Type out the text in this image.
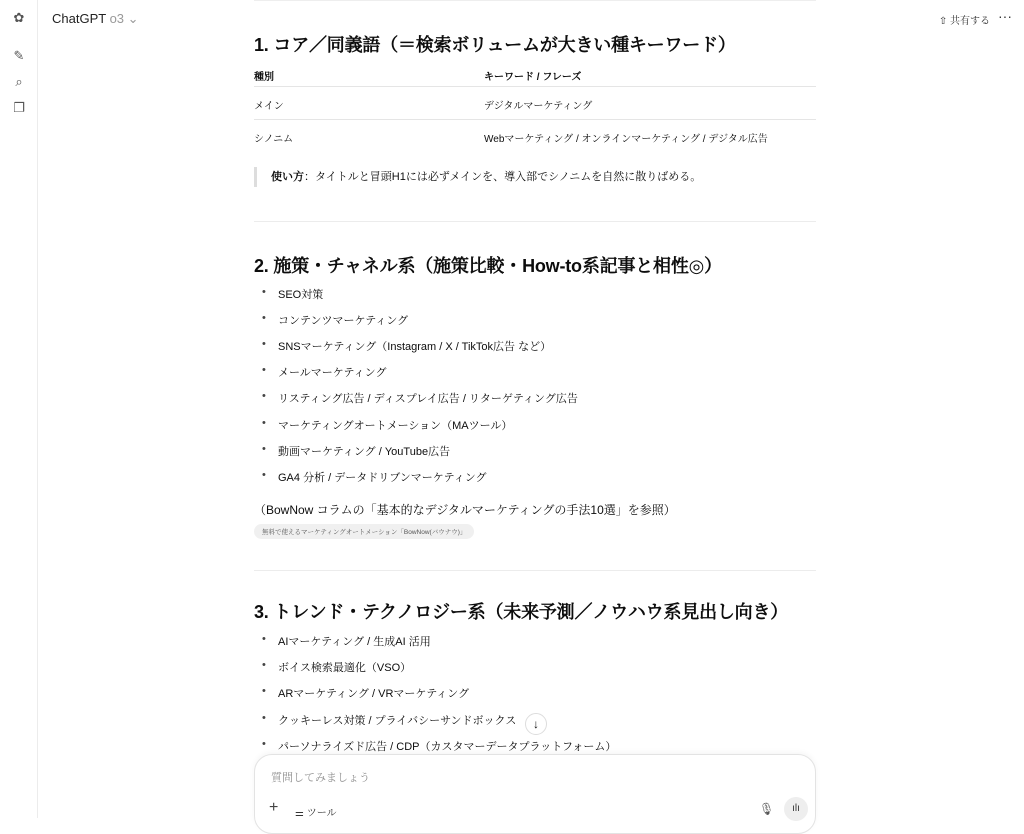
✿
✎
⌕
❐
ChatGPT o3 ⌄	⇧ 共有する ···
1. コア／同義語（＝検索ボリュームが大きい種キーワード）
種別	キーワード / フレーズ
メイン	デジタルマーケティング
シノニム	Webマーケティング / オンラインマーケティング / デジタル広告
使い方：タイトルと冒頭H1には必ずメインを、導入部でシノニムを自然に散りばめる。
2. 施策・チャネル系（施策比較・How-to系記事と相性◎）
• SEO対策
• コンテンツマーケティング
• SNSマーケティング（Instagram / X / TikTok広告 など）
• メールマーケティング
• リスティング広告 / ディスプレイ広告 / リターゲティング広告
• マーケティングオートメーション（MAツール）
• 動画マーケティング / YouTube広告
• GA4 分析 / データドリブンマーケティング
（BowNow コラムの「基本的なデジタルマーケティングの手法10選」を参照）
無料で使えるマーケティングオートメーション「BowNow(バウナウ)」
3. トレンド・テクノロジー系（未来予測／ノウハウ系見出し向き）
• AIマーケティング / 生成AI 活用
• ボイス検索最適化（VSO）
• ARマーケティング / VRマーケティング
• クッキーレス対策 / プライバシーサンドボックス
• パーソナライズド広告 / CDP（カスタマーデータプラットフォーム）
↓
質問してみましょう
+ ⚌ ツール	🎙︎	ılı
